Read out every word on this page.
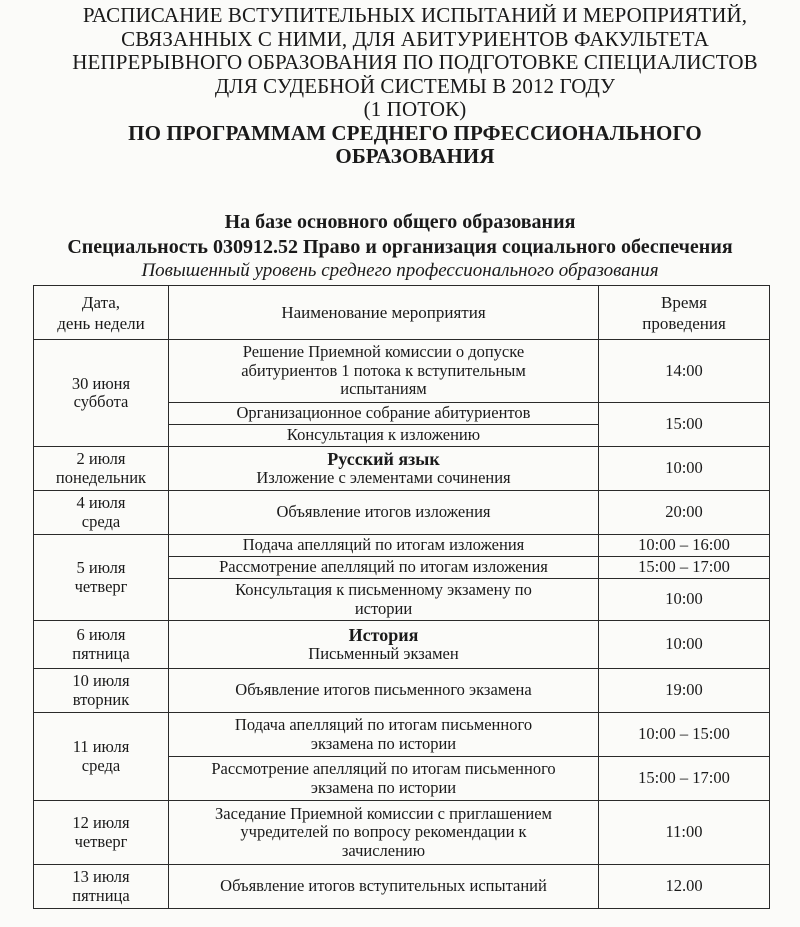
РАСПИСАНИЕ ВСТУПИТЕЛЬНЫХ ИСПЫТАНИЙ И МЕРОПРИЯТИЙ,
СВЯЗАННЫХ С НИМИ, ДЛЯ АБИТУРИЕНТОВ ФАКУЛЬТЕТА
НЕПРЕРЫВНОГО ОБРАЗОВАНИЯ ПО ПОДГОТОВКЕ СПЕЦИАЛИСТОВ
ДЛЯ СУДЕБНОЙ СИСТЕМЫ В 2012 ГОДУ
(1 ПОТОК)
ПО ПРОГРАММАМ СРЕДНЕГО ПРФЕССИОНАЛЬНОГО
ОБРАЗОВАНИЯ
На базе основного общего образования
Специальность 030912.52 Право и организация социального обеспечения
Повышенный уровень среднего профессионального образования
Дата,
день недели	Наименование мероприятия	Время
проведения

30 июня
суббота	Решение Приемной комиссии о допуске абитуриентов 1 потока к вступительным испытаниям	14:00
	Организационное собрание абитуриентов	15:00
	Консультация к изложению	

2 июля
понедельник	Русский язык
Изложение с элементами сочинения	10:00

4 июля
среда	Объявление итогов изложения	20:00

5 июля
четверг	Подача апелляций по итогам изложения	10:00 – 16:00
	Рассмотрение апелляций по итогам изложения	15:00 – 17:00

	Консультация к письменному экзамену по
истории	10:00

6 июля
пятница	История
Письменный экзамен	10:00

10 июля
вторник	Объявление итогов письменного экзамена	19:00

11 июля
среда	Подача апелляций по итогам письменного
экзамена по истории	10:00 – 15:00

	Рассмотрение апелляций по итогам письменного
экзамена по истории	15:00 – 17:00

12 июля
четверг	Заседание Приемной комиссии с приглашением
учредителей по вопросу рекомендации к
зачислению	11:00

13 июля
пятница	Объявление итогов вступительных испытаний	12.00
